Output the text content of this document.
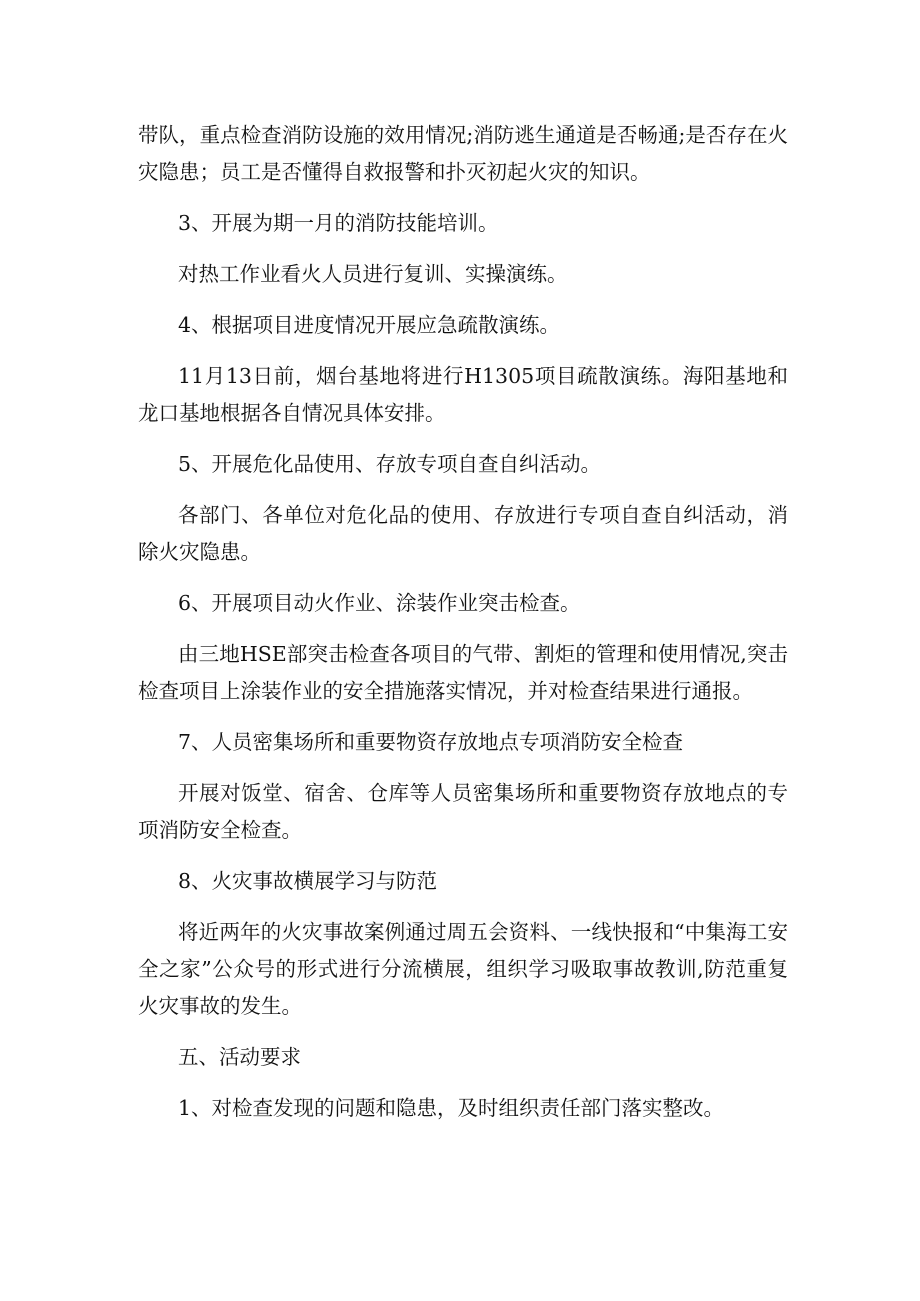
带队，重点检查消防设施的效用情况;消防逃生通道是否畅通;是否存在火灾隐患；员工是否懂得自救报警和扑灭初起火灾的知识。

3、开展为期一月的消防技能培训。

对热工作业看火人员进行复训、实操演练。

4、根据项目进度情况开展应急疏散演练。

11月13日前，烟台基地将进行H1305项目疏散演练。海阳基地和龙口基地根据各自情况具体安排。

5、开展危化品使用、存放专项自查自纠活动。

各部门、各单位对危化品的使用、存放进行专项自查自纠活动，消除火灾隐患。

6、开展项目动火作业、涂装作业突击检查。

由三地HSE部突击检查各项目的气带、割炬的管理和使用情况,突击检查项目上涂装作业的安全措施落实情况，并对检查结果进行通报。

7、人员密集场所和重要物资存放地点专项消防安全检查

开展对饭堂、宿舍、仓库等人员密集场所和重要物资存放地点的专项消防安全检查。

8、火灾事故横展学习与防范

将近两年的火灾事故案例通过周五会资料、一线快报和“中集海工安全之家”公众号的形式进行分流横展，组织学习吸取事故教训,防范重复火灾事故的发生。

五、活动要求

1、对检查发现的问题和隐患，及时组织责任部门落实整改。
